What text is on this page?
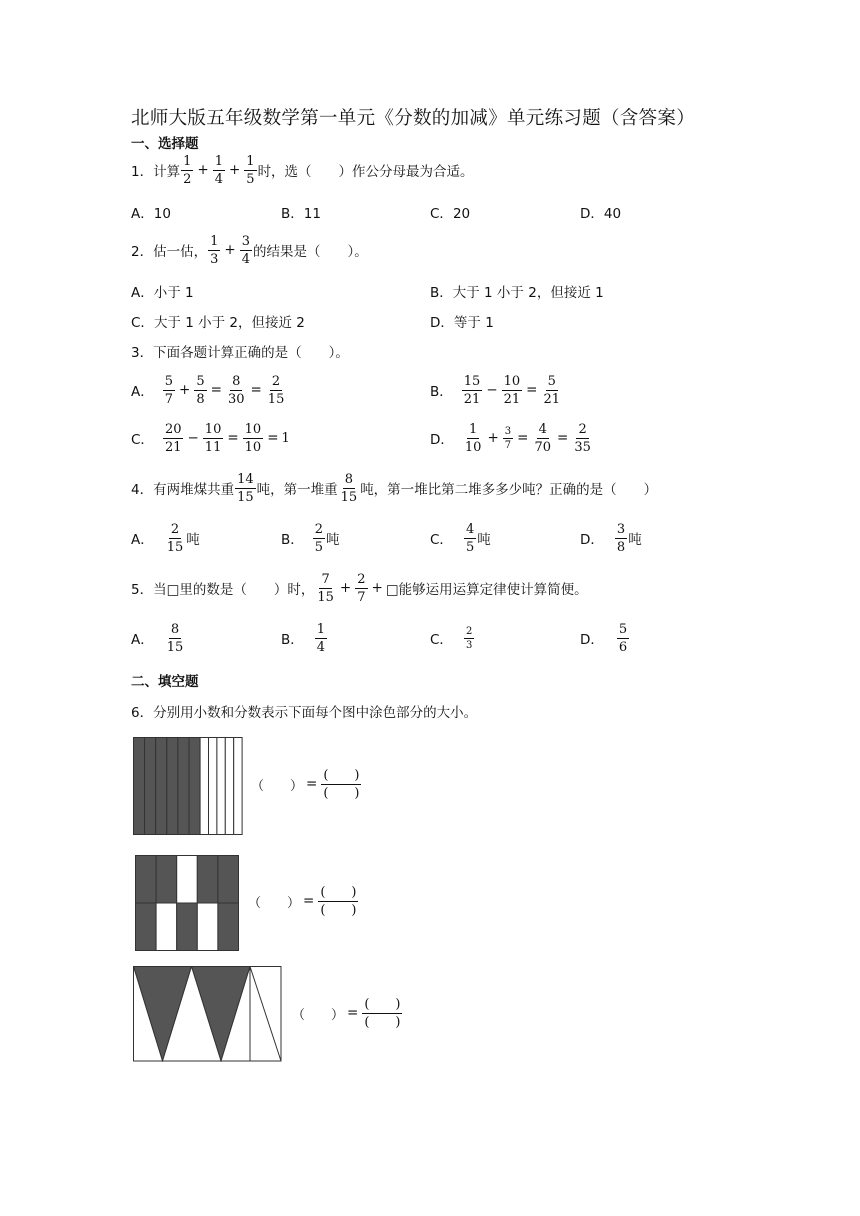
北师大版五年级数学第一单元《分数的加减》单元练习题（含答案）
一、选择题
1． 计算 $\frac{1}{2} + \frac{1}{4} + \frac{1}{5}$ 时，选（　　）作公分母最为合适。
A．10	B．11	C．20	D．40
2． 估一估， $\frac{1}{3} + \frac{3}{4}$ 的结果是（　　）。
A．小于 1	B．大于 1 小于 2，但接近 1
C．大于 1 小于 2，但接近 2	D．等于 1
3．下面各题计算正确的是（　　）。
A． $\frac{5}{7} + \frac{5}{8} = \frac{8}{30} = \frac{2}{15}$	B． $\frac{15}{21} - \frac{10}{21} = \frac{5}{21}$
C． $\frac{20}{21} - \frac{10}{11} = \frac{10}{10} = 1$	D． $\frac{1}{10} + \frac{3}{7} = \frac{4}{70} = \frac{2}{35}$
4． 有两堆煤共重 $\frac{14}{15}$ 吨，第一堆重 $\frac{8}{15}$ 吨，第一堆比第二堆多多少吨？正确的是（　　）
A． $\frac{2}{15}$ 吨	B． $\frac{2}{5}$ 吨	C． $\frac{4}{5}$ 吨	D． $\frac{3}{8}$ 吨
5． 当□里的数是（　　）时， $\frac{7}{15} + \frac{2}{7}$ + □能够运用运算定律使计算简便。
A． $\frac{8}{15}$	B． $\frac{1}{4}$	C． $\frac{2}{3}$	D． $\frac{5}{6}$
二、填空题
6．分别用小数和分数表示下面每个图中涂色部分的大小。
（　　） = $\frac{( )}{( )}$
（　　） = $\frac{( )}{( )}$
（　　） = $\frac{( )}{( )}$
